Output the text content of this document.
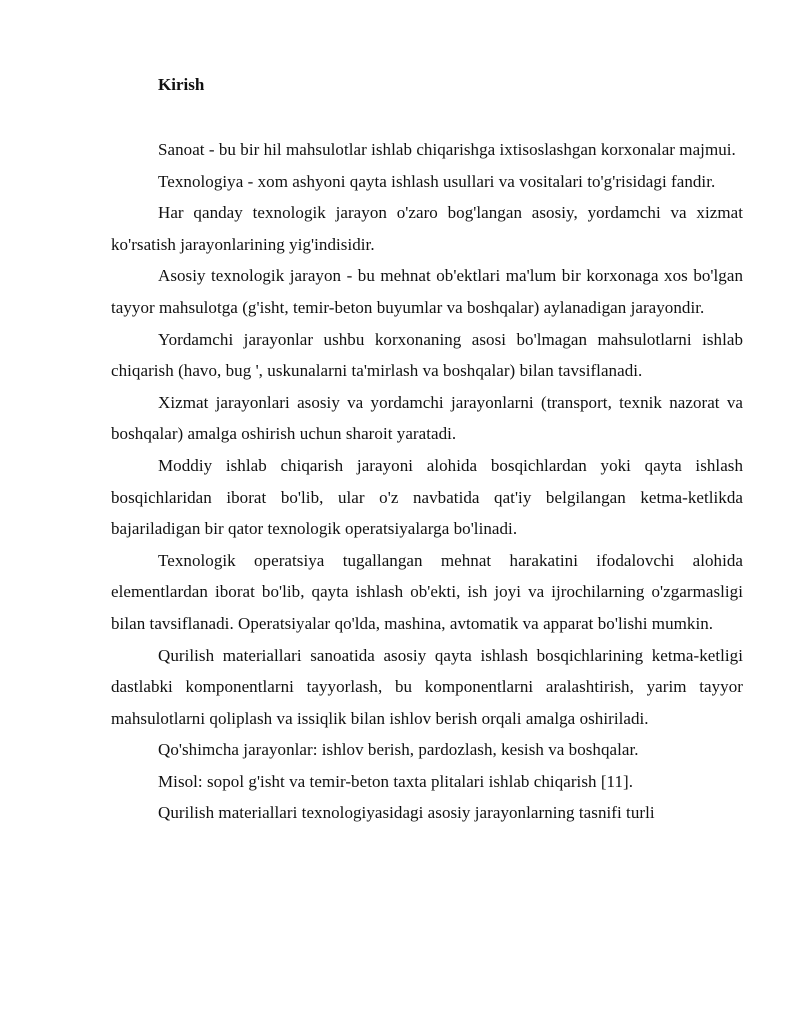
Kirish

Sanoat - bu bir hil mahsulotlar ishlab chiqarishga ixtisoslashgan korxonalar majmui.

Texnologiya - xom ashyoni qayta ishlash usullari va vositalari to'g'risidagi fandir.

Har qanday texnologik jarayon o'zaro bog'langan asosiy, yordamchi va xizmat ko'rsatish jarayonlarining yig'indisidir.

Asosiy texnologik jarayon - bu mehnat ob'ektlari ma'lum bir korxonaga xos bo'lgan tayyor mahsulotga (g'isht, temir-beton buyumlar va boshqalar) aylanadigan jarayondir.

Yordamchi jarayonlar ushbu korxonaning asosi bo'lmagan mahsulotlarni ishlab chiqarish (havo, bug ', uskunalarni ta'mirlash va boshqalar) bilan tavsiflanadi.

Xizmat jarayonlari asosiy va yordamchi jarayonlarni (transport, texnik nazorat va boshqalar) amalga oshirish uchun sharoit yaratadi.

Moddiy ishlab chiqarish jarayoni alohida bosqichlardan yoki qayta ishlash bosqichlaridan iborat bo'lib, ular o'z navbatida qat'iy belgilangan ketma-ketlikda bajariladigan bir qator texnologik operatsiyalarga bo'linadi.

Texnologik operatsiya tugallangan mehnat harakatini ifodalovchi alohida elementlardan iborat bo'lib, qayta ishlash ob'ekti, ish joyi va ijrochilarning o'zgarmasligi bilan tavsiflanadi. Operatsiyalar qo'lda, mashina, avtomatik va apparat bo'lishi mumkin.

Qurilish materiallari sanoatida asosiy qayta ishlash bosqichlarining ketma-ketligi dastlabki komponentlarni tayyorlash, bu komponentlarni aralashtirish, yarim tayyor mahsulotlarni qoliplash va issiqlik bilan ishlov berish orqali amalga oshiriladi.

Qo'shimcha jarayonlar: ishlov berish, pardozlash, kesish va boshqalar.

Misol: sopol g'isht va temir-beton taxta plitalari ishlab chiqarish [11].

Qurilish materiallari texnologiyasidagi asosiy jarayonlarning tasnifi turli
